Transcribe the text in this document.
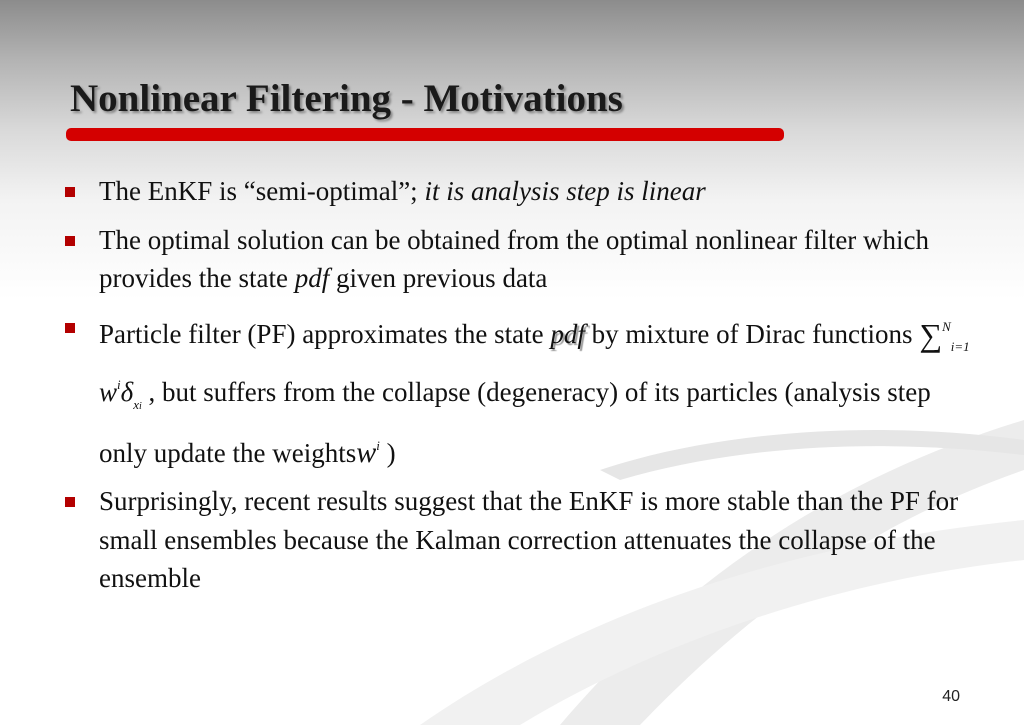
Nonlinear Filtering - Motivations
The EnKF is “semi-optimal”; it is analysis step is linear
The optimal solution can be obtained from the optimal nonlinear filter which provides the state pdf given previous data
Particle filter (PF) approximates the state pdf by mixture of Dirac functions ∑$^N_{i=1}$ $w^i\delta_{xi}$ , but suffers from the collapse (degeneracy) of its particles (analysis step only update the weightsw$^i$ )
Surprisingly, recent results suggest that the EnKF is more stable than the PF for small ensembles because the Kalman correction attenuates the collapse of the ensemble
40
